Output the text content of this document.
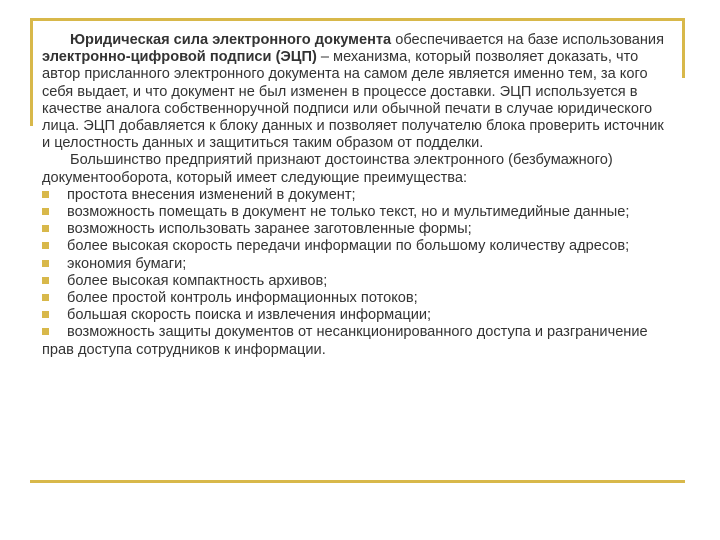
Юридическая сила электронного документа обеспечивается на базе использования электронно-цифровой подписи (ЭЦП) – механизма, который позволяет доказать, что автор присланного электронного документа на самом деле является именно тем, за кого себя выдает, и что документ не был изменен в процессе доставки. ЭЦП используется в качестве аналога собственноручной подписи или обычной печати в случае юридического лица. ЭЦП добавляется к блоку данных и позволяет получателю блока проверить источник и целостность данных и защититься таким образом от подделки.

Большинство предприятий признают достоинства электронного (безбумажного) документооборота, который имеет следующие преимущества:

простота внесения изменений в документ;

возможность помещать в документ не только текст, но и мультимедийные данные;

возможность использовать заранее заготовленные формы;

более высокая скорость передачи информации по большому количеству адресов;

экономия бумаги;

более высокая компактность архивов;

более простой контроль информационных потоков;

большая скорость поиска и извлечения информации;

возможность защиты документов от несанкционированного доступа и разграничение прав доступа сотрудников к информации.
